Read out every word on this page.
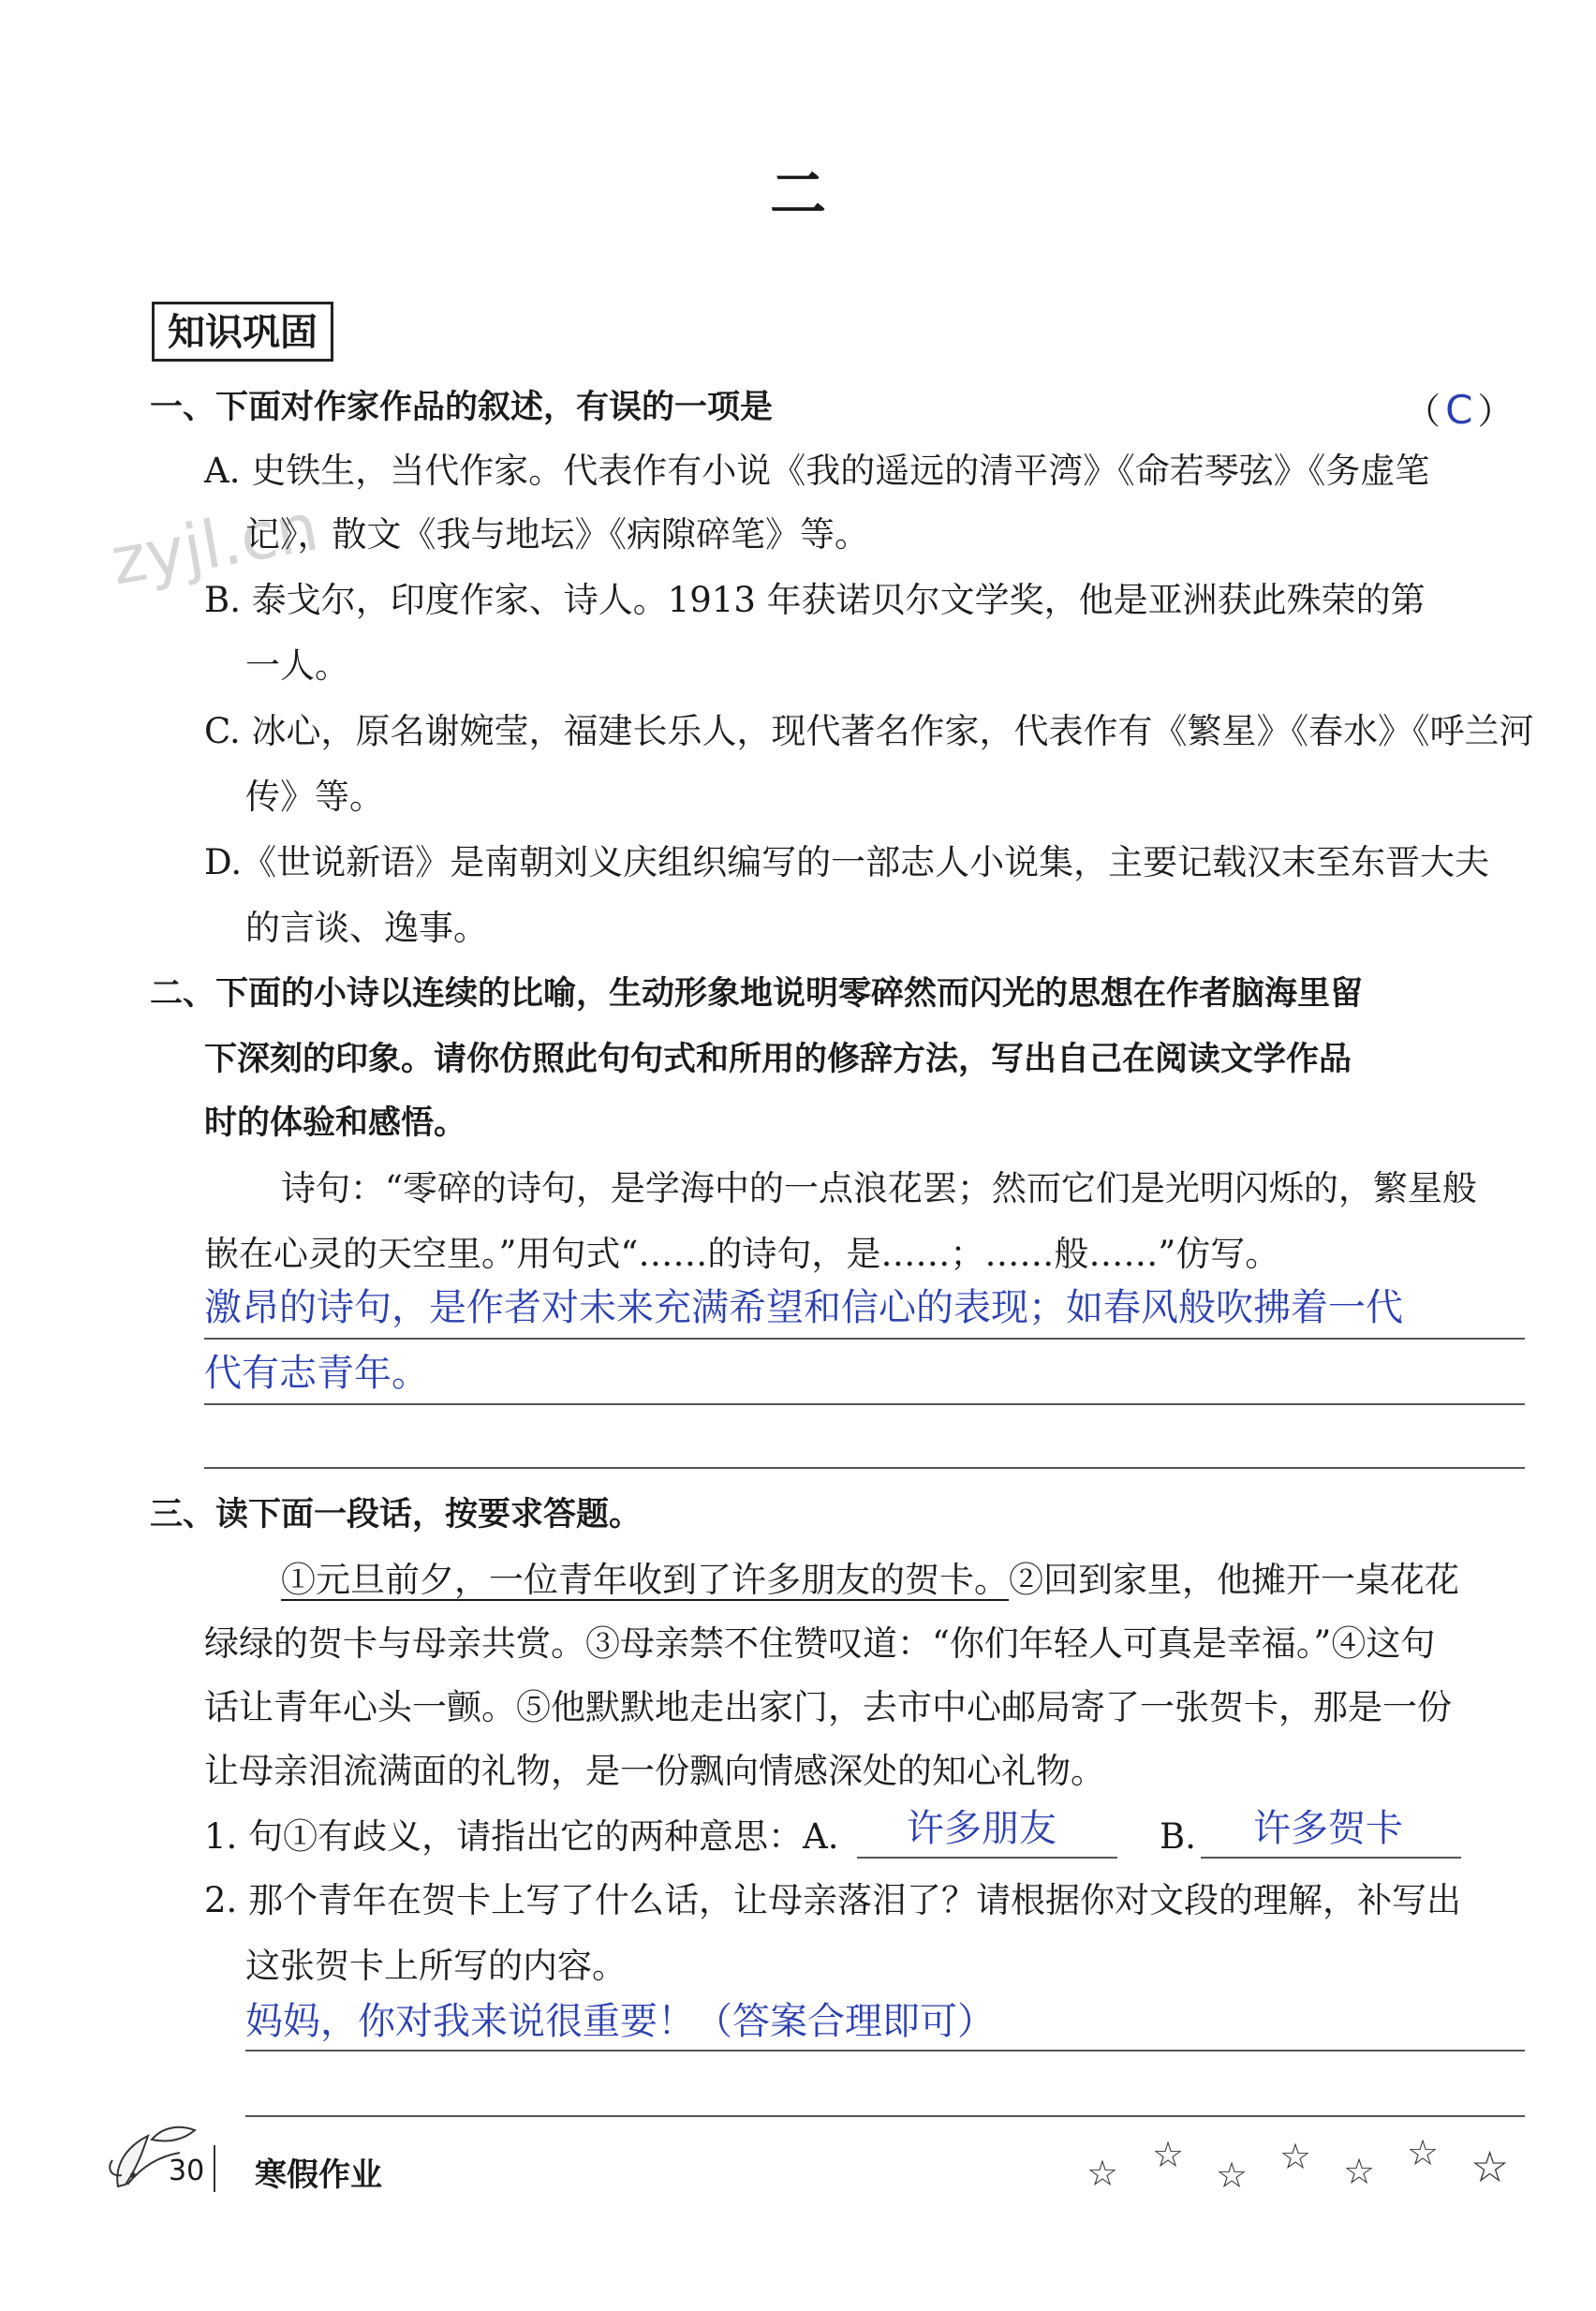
zyjl.cn
二
知识巩固
一、下面对作家作品的叙述，有误的一项是	（ C ）
A. 史铁生，当代作家。代表作有小说《我的遥远的清平湾》《命若琴弦》《务虚笔
记》，散文《我与地坛》《病隙碎笔》等。
B. 泰戈尔，印度作家、诗人。1913 年获诺贝尔文学奖，他是亚洲获此殊荣的第
一人。
C. 冰心，原名谢婉莹，福建长乐人，现代著名作家，代表作有《繁星》《春水》《呼兰河
传》等。
D.《世说新语》是南朝刘义庆组织编写的一部志人小说集，主要记载汉末至东晋大夫
的言谈、逸事。
二、下面的小诗以连续的比喻，生动形象地说明零碎然而闪光的思想在作者脑海里留
下深刻的印象。请你仿照此句句式和所用的修辞方法，写出自己在阅读文学作品
时的体验和感悟。
诗句：“零碎的诗句，是学海中的一点浪花罢；然而它们是光明闪烁的，繁星般
嵌在心灵的天空里。”用句式“……的诗句，是……；……般……”仿写。
激昂的诗句，是作者对未来充满希望和信心的表现；如春风般吹拂着一代
代有志青年。
三、读下面一段话，按要求答题。
①元旦前夕，一位青年收到了许多朋友的贺卡。②回到家里，他摊开一桌花花
绿绿的贺卡与母亲共赏。③母亲禁不住赞叹道：“你们年轻人可真是幸福。”④这句
话让青年心头一颤。⑤他默默地走出家门，去市中心邮局寄了一张贺卡，那是一份
让母亲泪流满面的礼物，是一份飘向情感深处的知心礼物。
1. 句①有歧义，请指出它的两种意思：A. 许多朋友	B. 许多贺卡
2. 那个青年在贺卡上写了什么话，让母亲落泪了？请根据你对文段的理解，补写出
这张贺卡上所写的内容。
妈妈，你对我来说很重要！（答案合理即可）
30 寒假作业	☆ ☆ ☆ ☆ ☆ ☆ ☆
